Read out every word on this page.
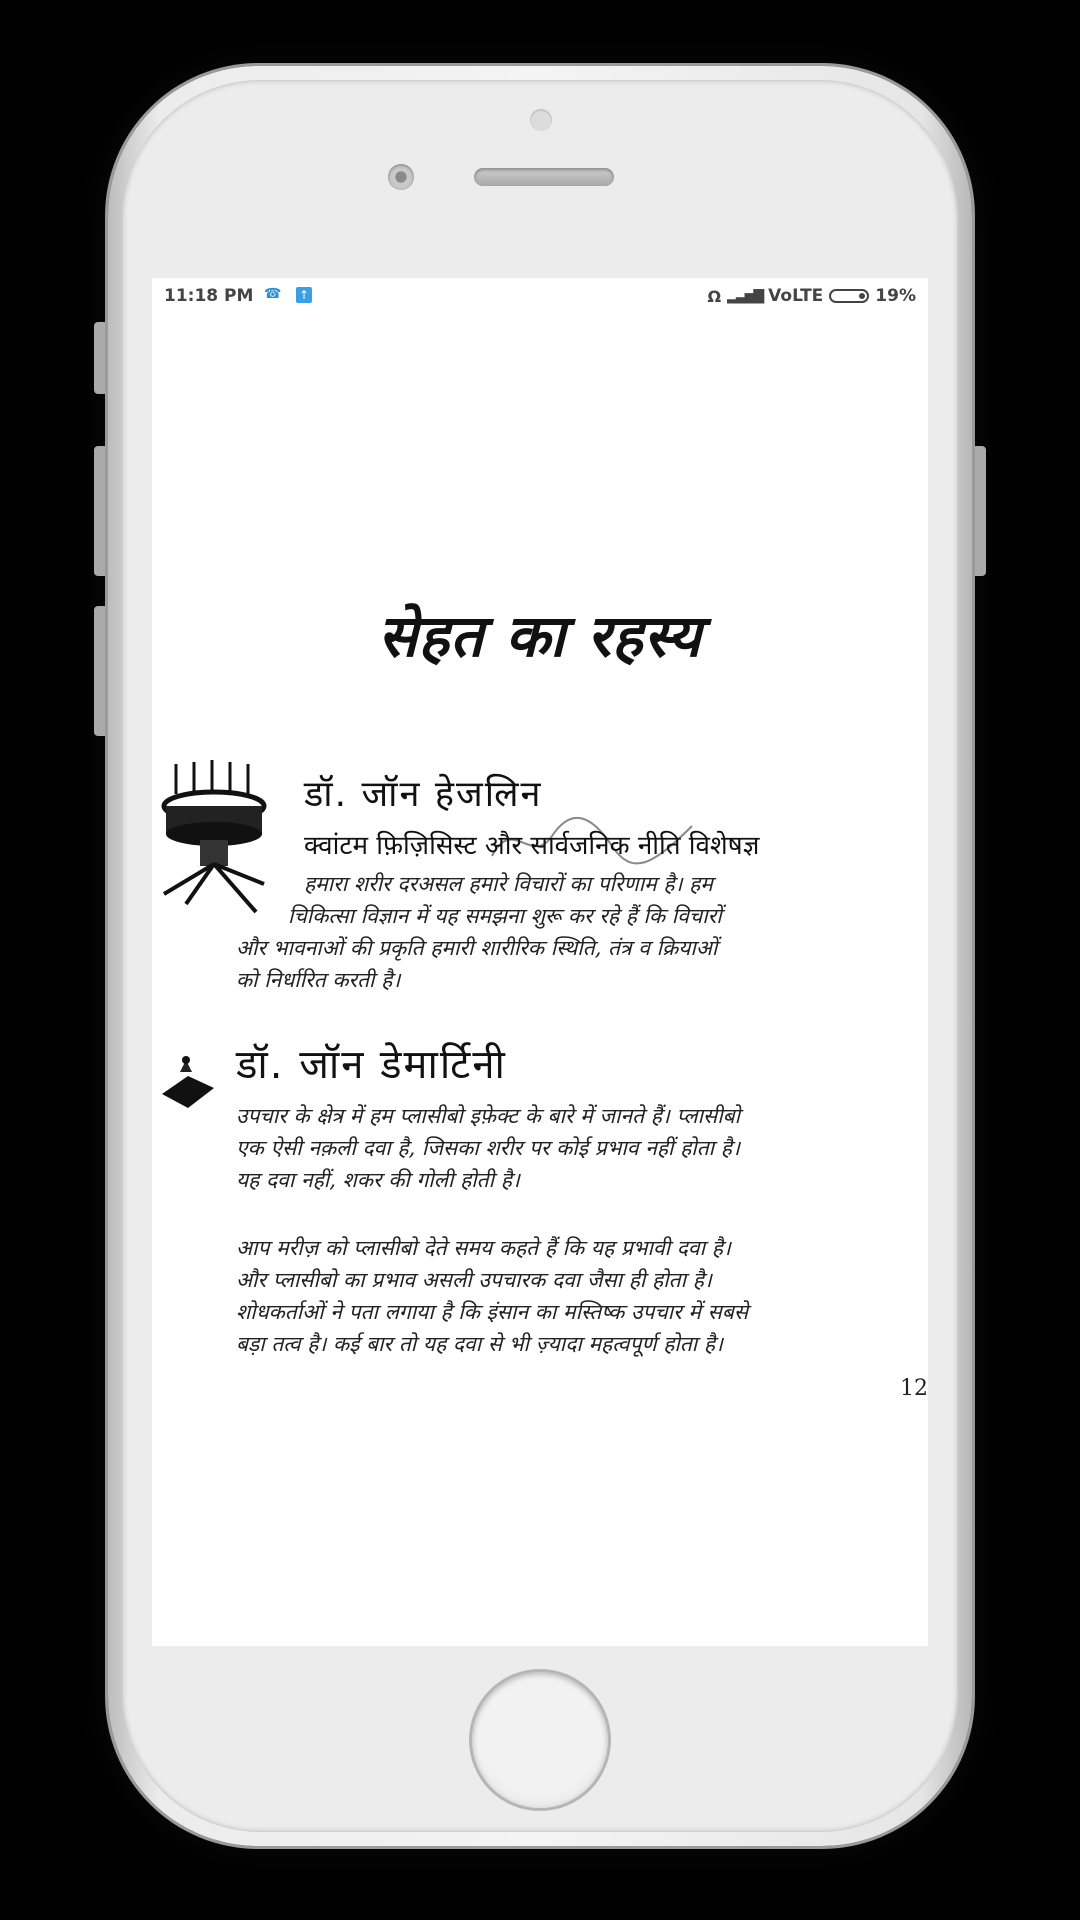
11:18 PM ☎ ↑	Ω ▂▃▅▇ VoLTE	19%
सेहत का रहस्य
डॉ. जॉन हेजलिन
क्वांटम फ़िज़िसिस्ट और सार्वजनिक नीति विशेषज्ञ
हमारा शरीर दरअसल हमारे विचारों का परिणाम है। हम
चिकित्सा विज्ञान में यह समझना शुरू कर रहे हैं कि विचारों
और भावनाओं की प्रकृति हमारी शारीरिक स्थिति, तंत्र व क्रियाओं
को निर्धारित करती है।
डॉ. जॉन डेमार्टिनी
उपचार के क्षेत्र में हम प्लासीबो इफ़ेक्ट के बारे में जानते हैं। प्लासीबो
एक ऐसी नक़ली दवा है, जिसका शरीर पर कोई प्रभाव नहीं होता है।
यह दवा नहीं, शकर की गोली होती है।
आप मरीज़ को प्लासीबो देते समय कहते हैं कि यह प्रभावी दवा है।
और प्लासीबो का प्रभाव असली उपचारक दवा जैसा ही होता है।
शोधकर्ताओं ने पता लगाया है कि इंसान का मस्तिष्क उपचार में सबसे
बड़ा तत्व है। कई बार तो यह दवा से भी ज़्यादा महत्वपूर्ण होता है।
12
